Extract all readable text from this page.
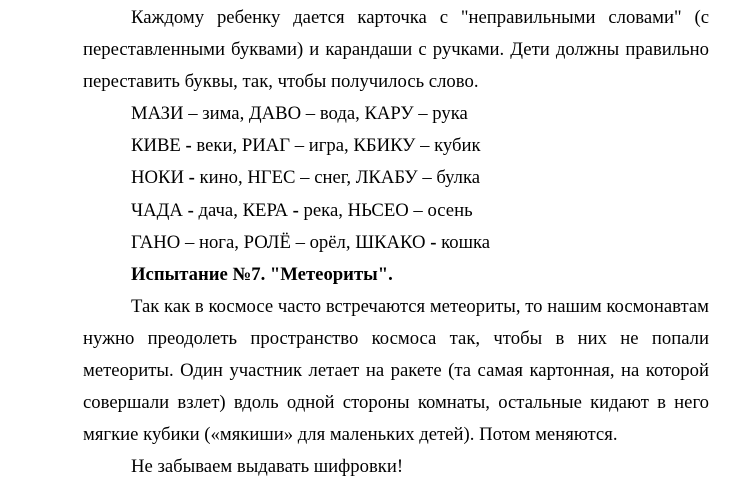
Каждому ребенку дается карточка с "неправильными словами" (с переставленными буквами) и карандаши с ручками. Дети должны правильно переставить буквы, так, чтобы получилось слово.

МАЗИ – зима, ДАВО – вода, КАРУ – рука

КИВЕ - веки, РИАГ – игра, КБИКУ – кубик

НОКИ - кино, НГЕС – снег, ЛКАБУ – булка

ЧАДА - дача, КЕРА - река, НЬСЕО – осень

ГАНО – нога, РОЛЁ – орёл, ШКАКО - кошка

Испытание №7. "Метеориты".

Так как в космосе часто встречаются метеориты, то нашим космонавтам нужно преодолеть пространство космоса так, чтобы в них не попали метеориты. Один участник летает на ракете (та самая картонная, на которой совершали взлет) вдоль одной стороны комнаты, остальные кидают в него мягкие кубики («мякиши» для маленьких детей). Потом меняются.

Не забываем выдавать шифровки!
